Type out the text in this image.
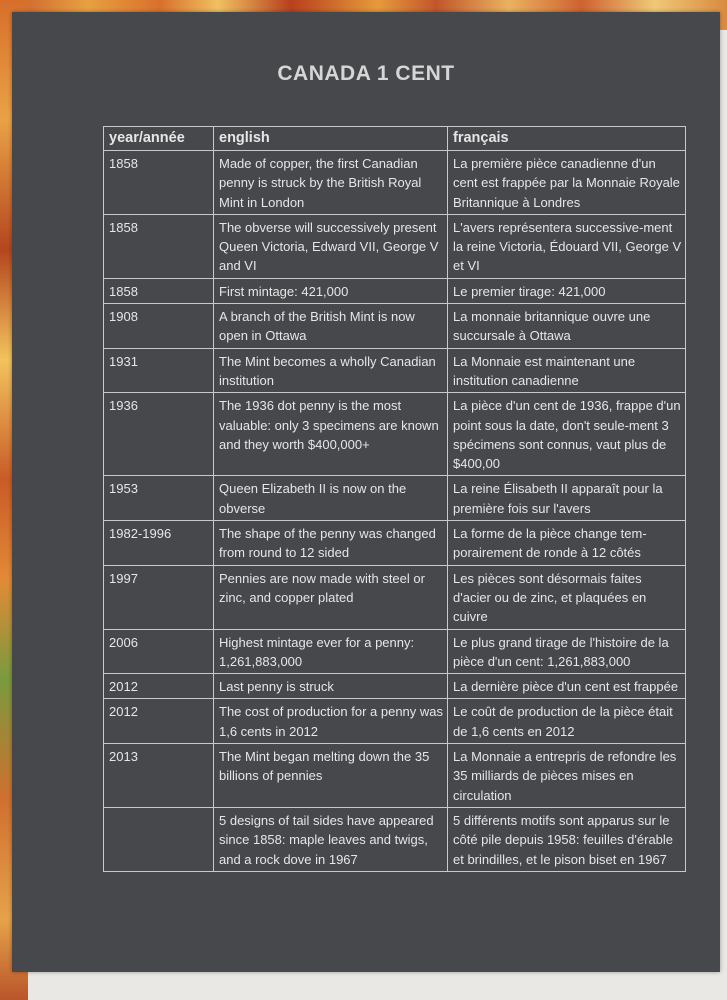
CANADA 1 CENT
year/année	english	français
1858	Made of copper, the first Canadian penny is struck by the British Royal Mint in London	La première pièce canadienne d'un cent est frappée par la Monnaie Royale Britannique à Londres
1858	The obverse will successively present Queen Victoria, Edward VII, George V and VI	L'avers représentera successive-ment la reine Victoria, Édouard VII, George V et VI
1858	First mintage: 421,000	Le premier tirage: 421,000
1908	A branch of the British Mint is now open in Ottawa	La monnaie britannique ouvre une succursale à Ottawa
1931	The Mint becomes a wholly Canadian institution	La Monnaie est maintenant une institution canadienne
1936	The 1936 dot penny is the most valuable: only 3 specimens are known and they worth $400,000+	La pièce d'un cent de 1936, frappe d'un point sous la date, don't seule-ment 3 spécimens sont connus, vaut plus de $400,00
1953	Queen Elizabeth II is now on the obverse	La reine Élisabeth II apparaît pour la première fois sur l'avers
1982-1996	The shape of the penny was changed from round to 12 sided	La forme de la pièce change tem-porairement de ronde à 12 côtés
1997	Pennies are now made with steel or zinc, and copper plated	Les pièces sont désormais faites d'acier ou de zinc, et plaquées en cuivre
2006	Highest mintage ever for a penny: 1,261,883,000	Le plus grand tirage de l'histoire de la pièce d'un cent: 1,261,883,000
2012	Last penny is struck	La dernière pièce d'un cent est frappée
2012	The cost of production for a penny was 1,6 cents in 2012	Le coût de production de la pièce était de 1,6 cents en 2012
2013	The Mint began melting down the 35 billions of pennies	La Monnaie a entrepris de refondre les 35 milliards de pièces mises en circulation
	5 designs of tail sides have appeared since 1858: maple leaves and twigs, and a rock dove in 1967	5 différents motifs sont apparus sur le côté pile depuis 1958: feuilles d'érable et brindilles, et le pison biset en 1967
